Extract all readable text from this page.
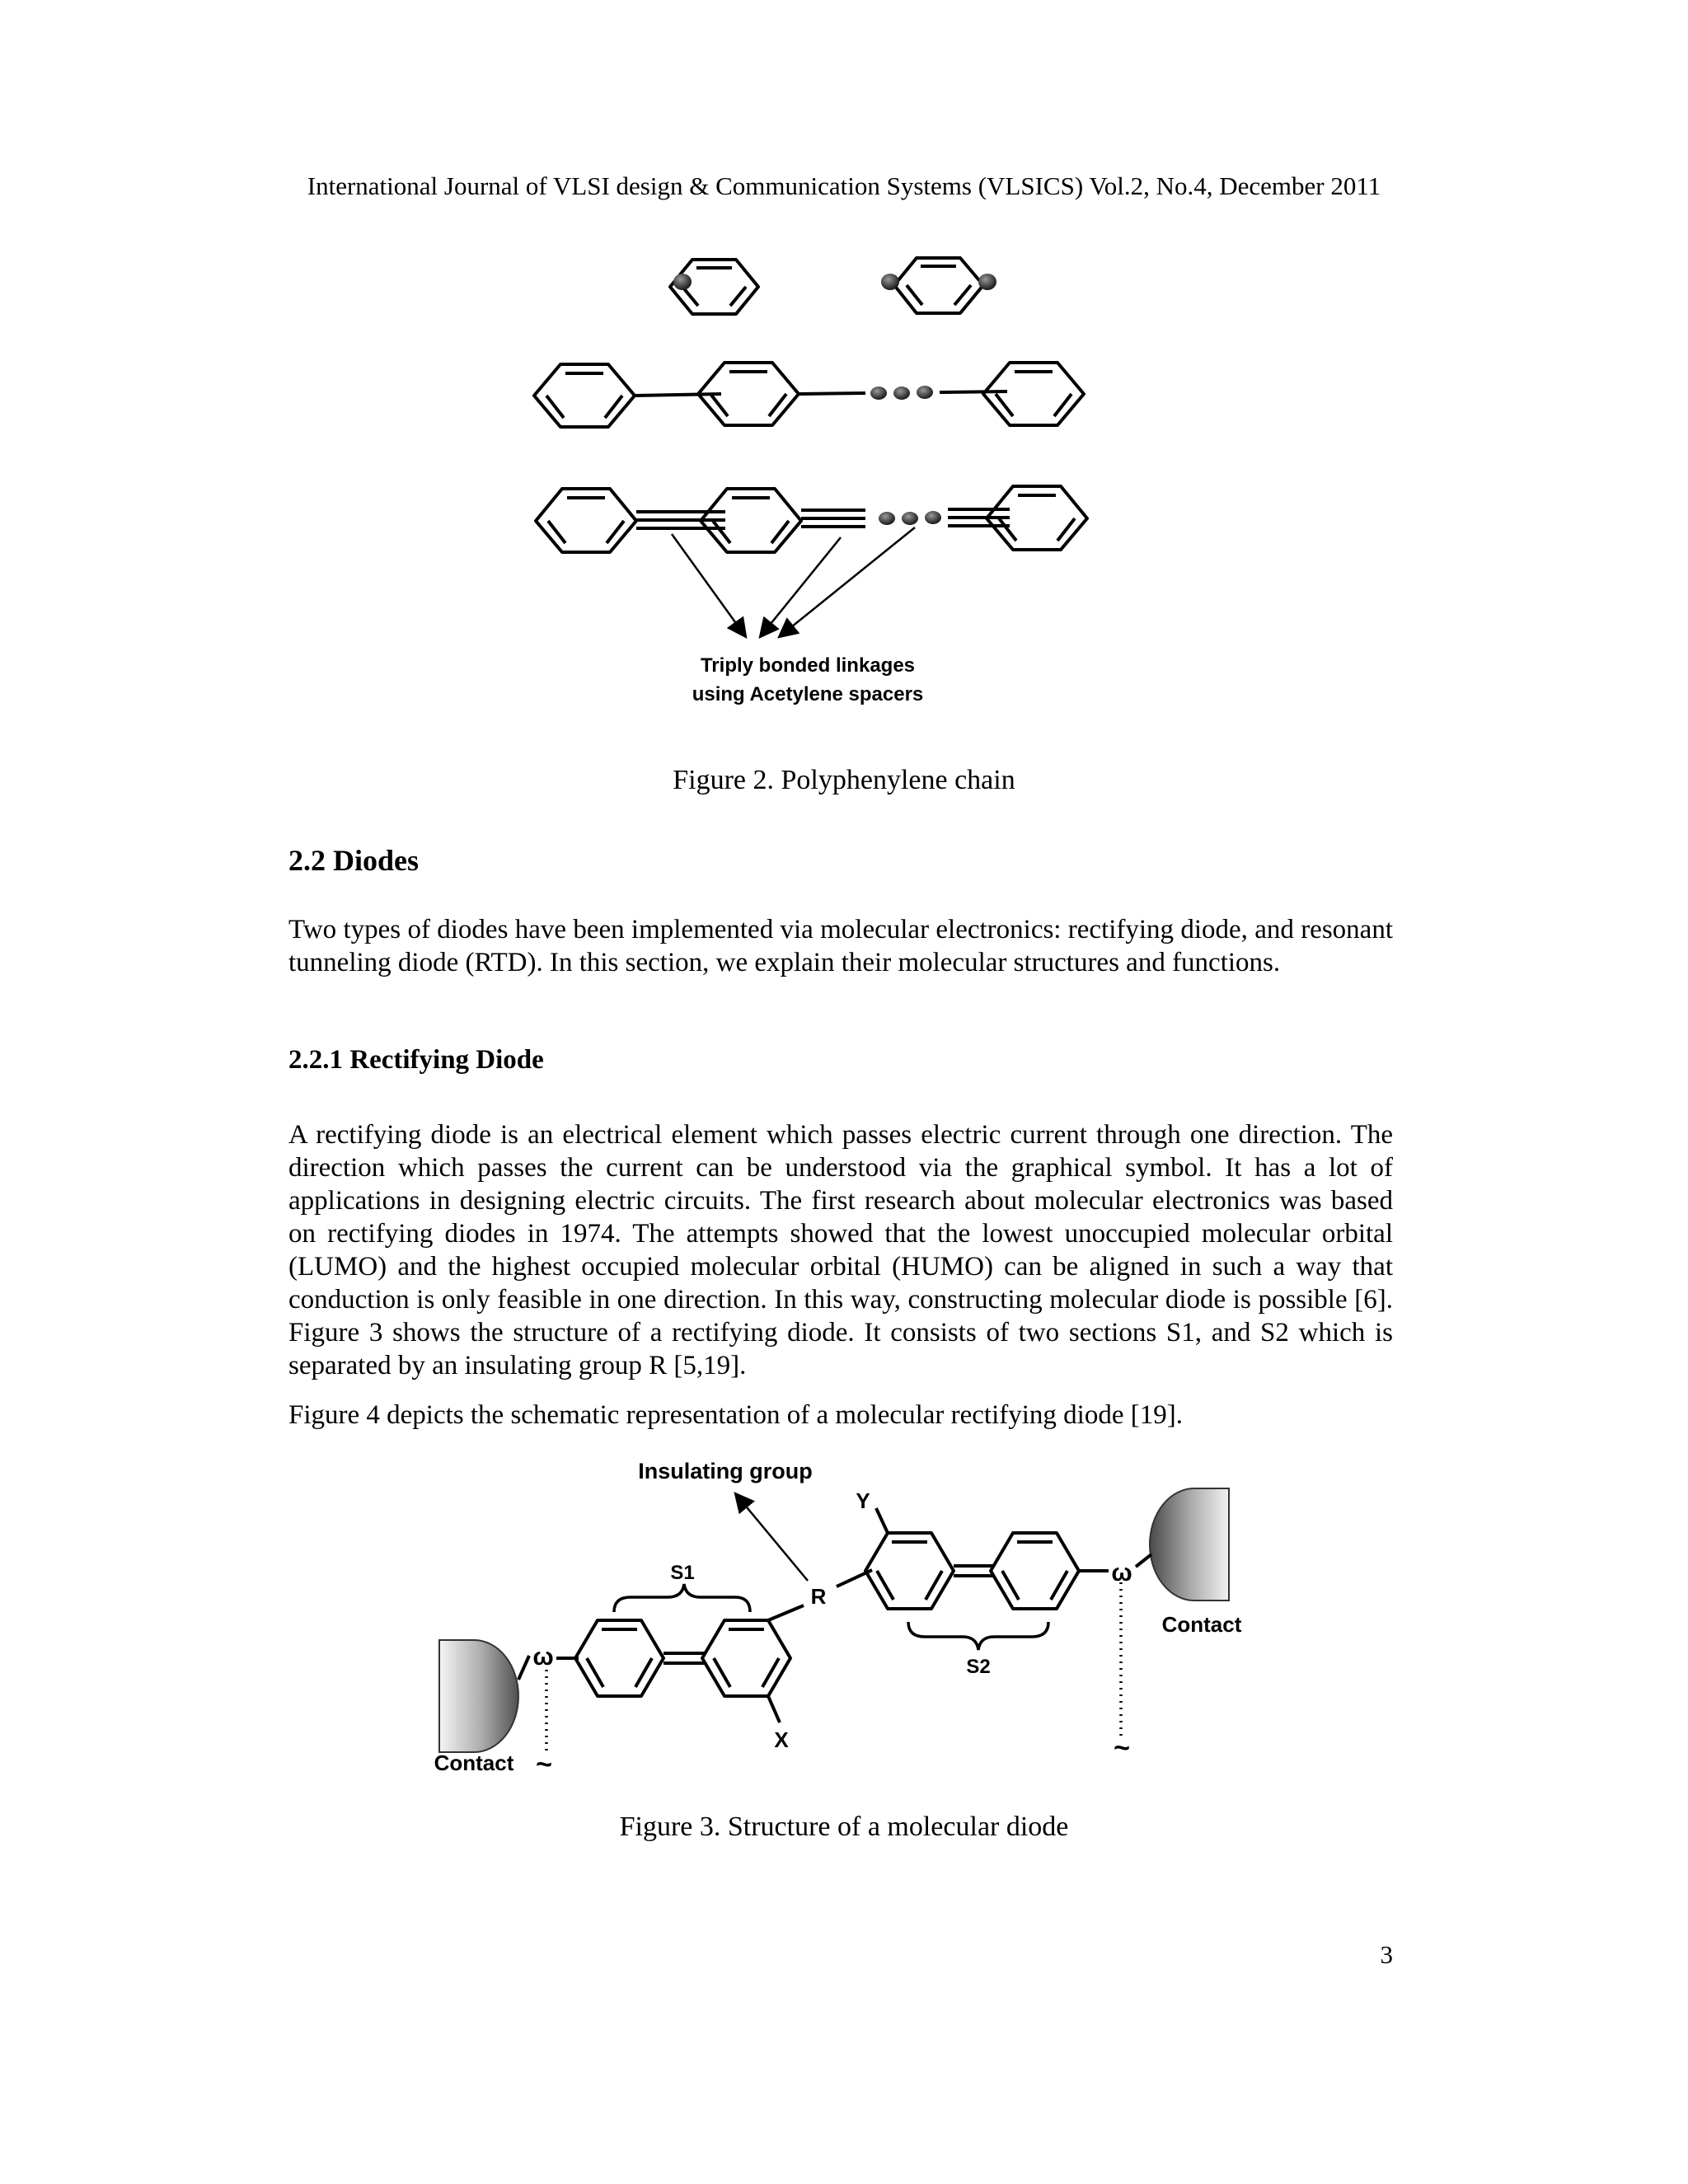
International Journal of VLSI design & Communication Systems (VLSICS) Vol.2, No.4, December 2011
Triply bonded linkages
using Acetylene spacers
Figure 2. Polyphenylene chain
2.2 Diodes

Two types of diodes have been implemented via molecular electronics: rectifying diode, and resonant tunneling diode (RTD). In this section, we explain their molecular structures and functions.

2.2.1 Rectifying Diode

A rectifying diode is an electrical element which passes electric current through one direction. The direction which passes the current can be understood via the graphical symbol. It has a lot of applications in designing electric circuits. The first research about molecular electronics was based on rectifying diodes in 1974. The attempts showed that the lowest unoccupied molecular orbital (LUMO) and the highest occupied molecular orbital (HUMO) can be aligned in such a way that conduction is only feasible in one direction. In this way, constructing molecular diode is possible [6]. Figure 3 shows the structure of a rectifying diode. It consists of two sections S1, and S2 which is separated by an insulating group R [5,19].

Figure 4 depicts the schematic representation of a molecular rectifying diode [19].

Insulating group
S1
S2
R
X
Y
ω
ω
~
~
Contact
Contact
Figure 3. Structure of a molecular diode
3
